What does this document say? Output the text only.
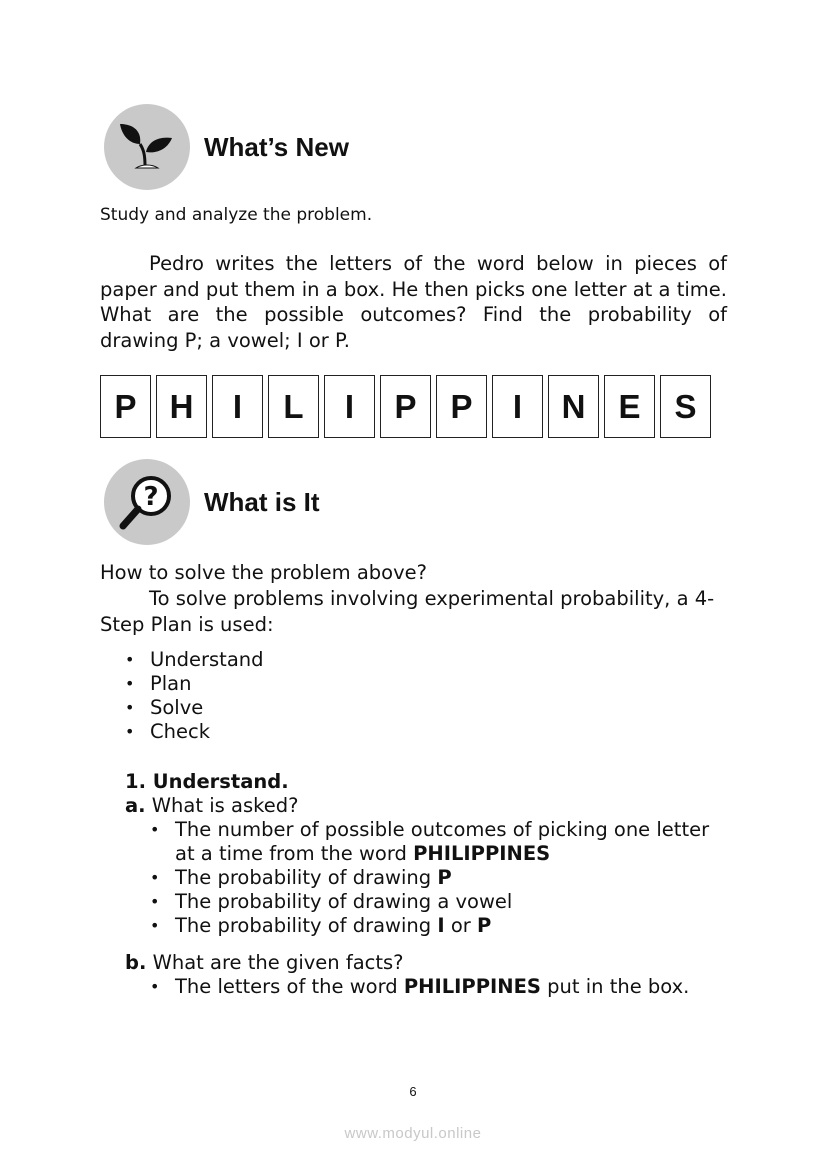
What’s New
Study and analyze the problem.
Pedro writes the letters of the word below in pieces of paper and put them in a box. He then picks one letter at a time. What are the possible outcomes? Find the probability of drawing P; a vowel; I or P.
P	H	I	L	I	P	P	I	N	E	S
? What is It
How to solve the problem above?
To solve problems involving experimental probability, a 4-Step Plan is used:
• Understand
• Plan
• Solve
• Check
1. Understand.
a. What is asked?
• The number of possible outcomes of picking one letter at a time from the word PHILIPPINES
• The probability of drawing P
• The probability of drawing a vowel
• The probability of drawing I or P
b. What are the given facts?
• The letters of the word PHILIPPINES put in the box.
6
www.modyul.online
